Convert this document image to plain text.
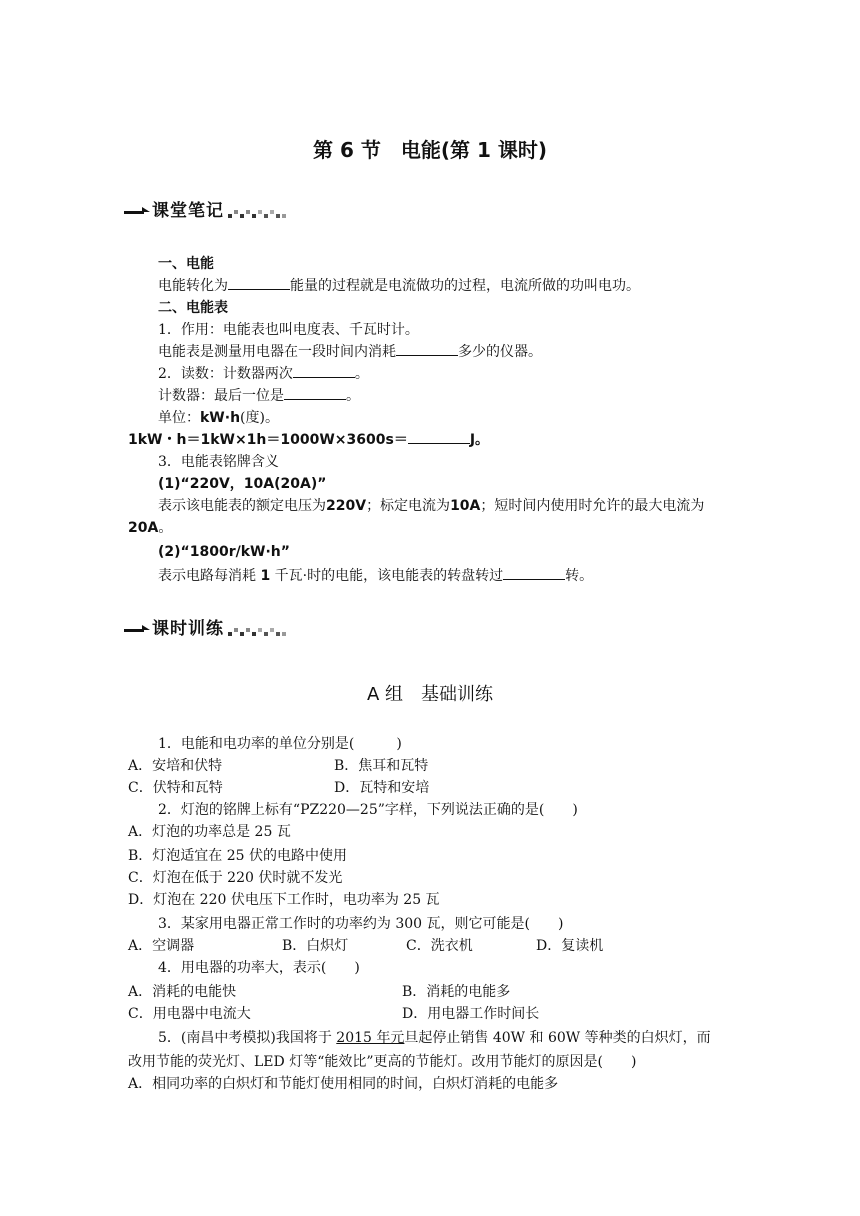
第 6 节　电能(第 1 课时)
课堂笔记
一、电能
电能转化为	能量的过程就是电流做功的过程，电流所做的功叫电功。
二、电能表
1．作用：电能表也叫电度表、千瓦时计。
电能表是测量用电器在一段时间内消耗	多少的仪器。
2．读数：计数器两次	。
计数器：最后一位是	。
单位：kW·h(度)。
1kW・h＝1kW×1h＝1000W×3600s＝	J。
3．电能表铭牌含义
(1)“220V，10A(20A)”
表示该电能表的额定电压为220V；标定电流为10A；短时间内使用时允许的最大电流为
20A。
(2)“1800r/kW·h”
表示电路每消耗 1 千瓦·时的电能，该电能表的转盘转过	转。
课时训练
A 组　基础训练
1．电能和电功率的单位分别是(　　　)
A．安培和伏特	B．焦耳和瓦特
C．伏特和瓦特	D．瓦特和安培
2．灯泡的铭牌上标有“PZ220—25”字样，下列说法正确的是(　　)
A．灯泡的功率总是 25 瓦
B．灯泡适宜在 25 伏的电路中使用
C．灯泡在低于 220 伏时就不发光
D．灯泡在 220 伏电压下工作时，电功率为 25 瓦
3．某家用电器正常工作时的功率约为 300 瓦，则它可能是(　　)
A．空调器	B．白炽灯	C．洗衣机	D．复读机
4．用电器的功率大，表示(　　)
A．消耗的电能快	B．消耗的电能多
C．用电器中电流大	D．用电器工作时间长
5．(南昌中考模拟)我国将于 2015 年元旦起停止销售 40W 和 60W 等种类的白炽灯，而
改用节能的荧光灯、LED 灯等“能效比”更高的节能灯。改用节能灯的原因是(　　)
A．相同功率的白炽灯和节能灯使用相同的时间，白炽灯消耗的电能多
